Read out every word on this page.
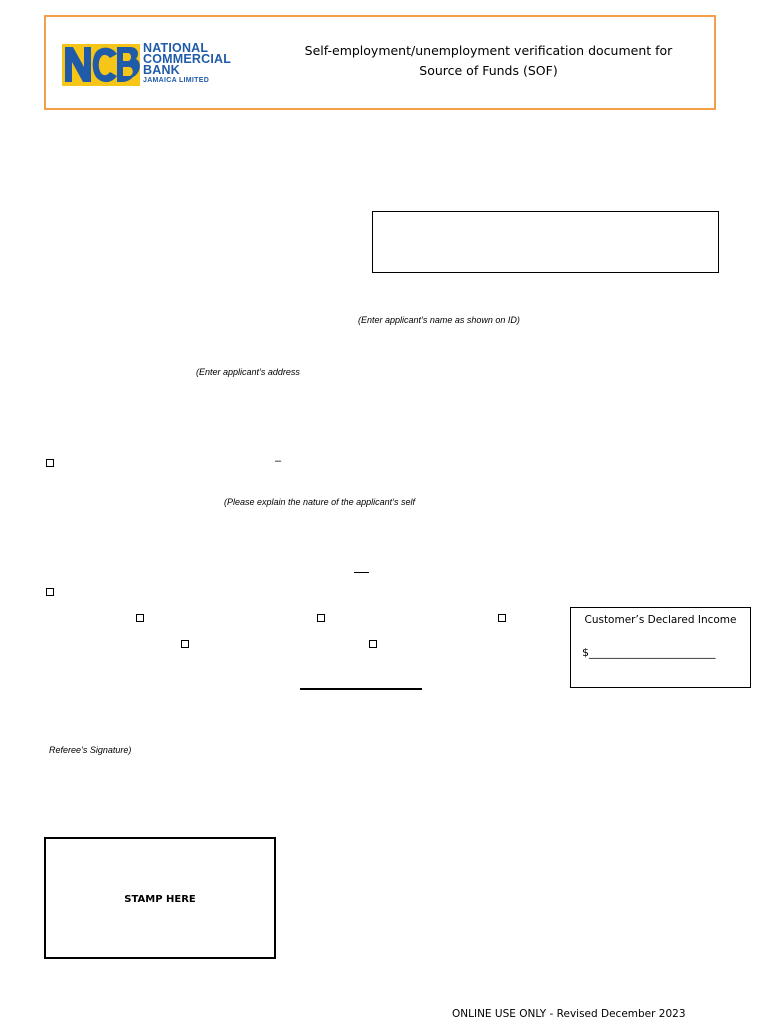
NATIONAL
COMMERCIAL
BANK
JAMAICA LIMITED
Self-employment/unemployment verification document for
Source of Funds (SOF)
(Enter applicant’s name as shown on ID)
(Enter applicant’s address
–
(Please explain the nature of the applicant’s self
Customer’s Declared Income
$_______________________
Referee’s Signature)
STAMP HERE
ONLINE USE ONLY - Revised December 2023
